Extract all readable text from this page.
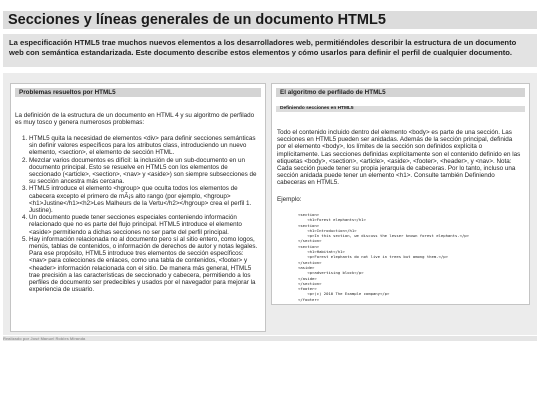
Secciones y líneas generales de un documento HTML5

La especificación HTML5 trae muchos nuevos elementos a los desarrolladores web, permitiéndoles describir la estructura de un documento web con semántica estandarizada. Este documento describe estos elementos y cómo usarlos para definir el perfil de cualquier documento.

Problemas resueltos por HTML5

La definición de la estructura de un documento en HTML 4 y su algoritmo de perfilado es muy tosco y genera numerosos problemas:

1. HTML5 quita la necesidad de elementos <div> para definir secciones semánticas sin definir valores específicos para los atributos class, introduciendo un nuevo elemento, <section>, el elemento de sección HTML.
2. Mezclar varios documentos es difícil: la inclusión de un sub-documento en un documento principal. Esto se resuelve en HTML5 con los elementos de seccionado (<article>, <section>, <nav> y <aside>) son siempre subsecciones de su sección ancestra más cercana.
3. HTML5 introduce el elemento <hgroup> que oculta todos los elementos de cabecera excepto el primero de mÃ¡s alto rango (por ejemplo, <hgroup><h1>Justine</h1><h2>Les Malheurs de la Vertu</h2></hgroup> crea el perfil 1. Justine).
4. Un documento puede tener secciones especiales conteniendo información relacionado que no es parte del flujo principal. HTML5 introduce el elemento <aside> permitiendo a dichas secciones no ser parte del perfil principal.
5. Hay información relacionada no al documento pero sí al sitio entero, como logos, menús, tablas de contenidos, o información de derechos de autor y notas legales. Para ese propósito, HTML5 introduce tres elementos de sección específicos: <nav> para colecciones de enlaces, como una tabla de contenidos, <footer> y <header> información relacionada con el sitio. De manera más general, HTML5 trae precisión a las características de seccionado y cabecera, permitiendo a los perfiles de documento ser predecibles y usados por el navegador para mejorar la experiencia de usuario.
El algoritmo de perfilado de HTML5
Definiendo secciones en HTML5

Todo el contenido incluido dentro del elemento <body> es parte de una sección. Las secciones en HTML5 pueden ser anidadas. Además de la sección principal, definida por el elemento <body>, los límites de la sección son definidos explícita o implícitamente. Las secciones definidas explícitamente son el contenido definido en las etiquetas <body>, <section>, <article>, <aside>, <footer>, <header>, y <nav>. Nota: Cada sección puede tener su propia jerarquía de cabeceras. Por lo tanto, incluso una sección anidada puede tener un elemento <h1>. Consulte también Definiendo cabeceras en HTML5.

Ejemplo:

<section>
<h1>Forest elephants</h1>
<section>
<h1>Introduction</h1>
<p>In this section, we discuss the lesser known forest elephants.</p>
</section>
<section>
<h1>Habitat</h1>
<p>Forest elephants do not live in trees but among them.</p>
</section>
<aside>
<p>advertising block</p>
</aside>
</section>
<footer>
<p>(c) 2010 The Example company</p>
</footer>

Realizado por José Manuel Robles Miranda
